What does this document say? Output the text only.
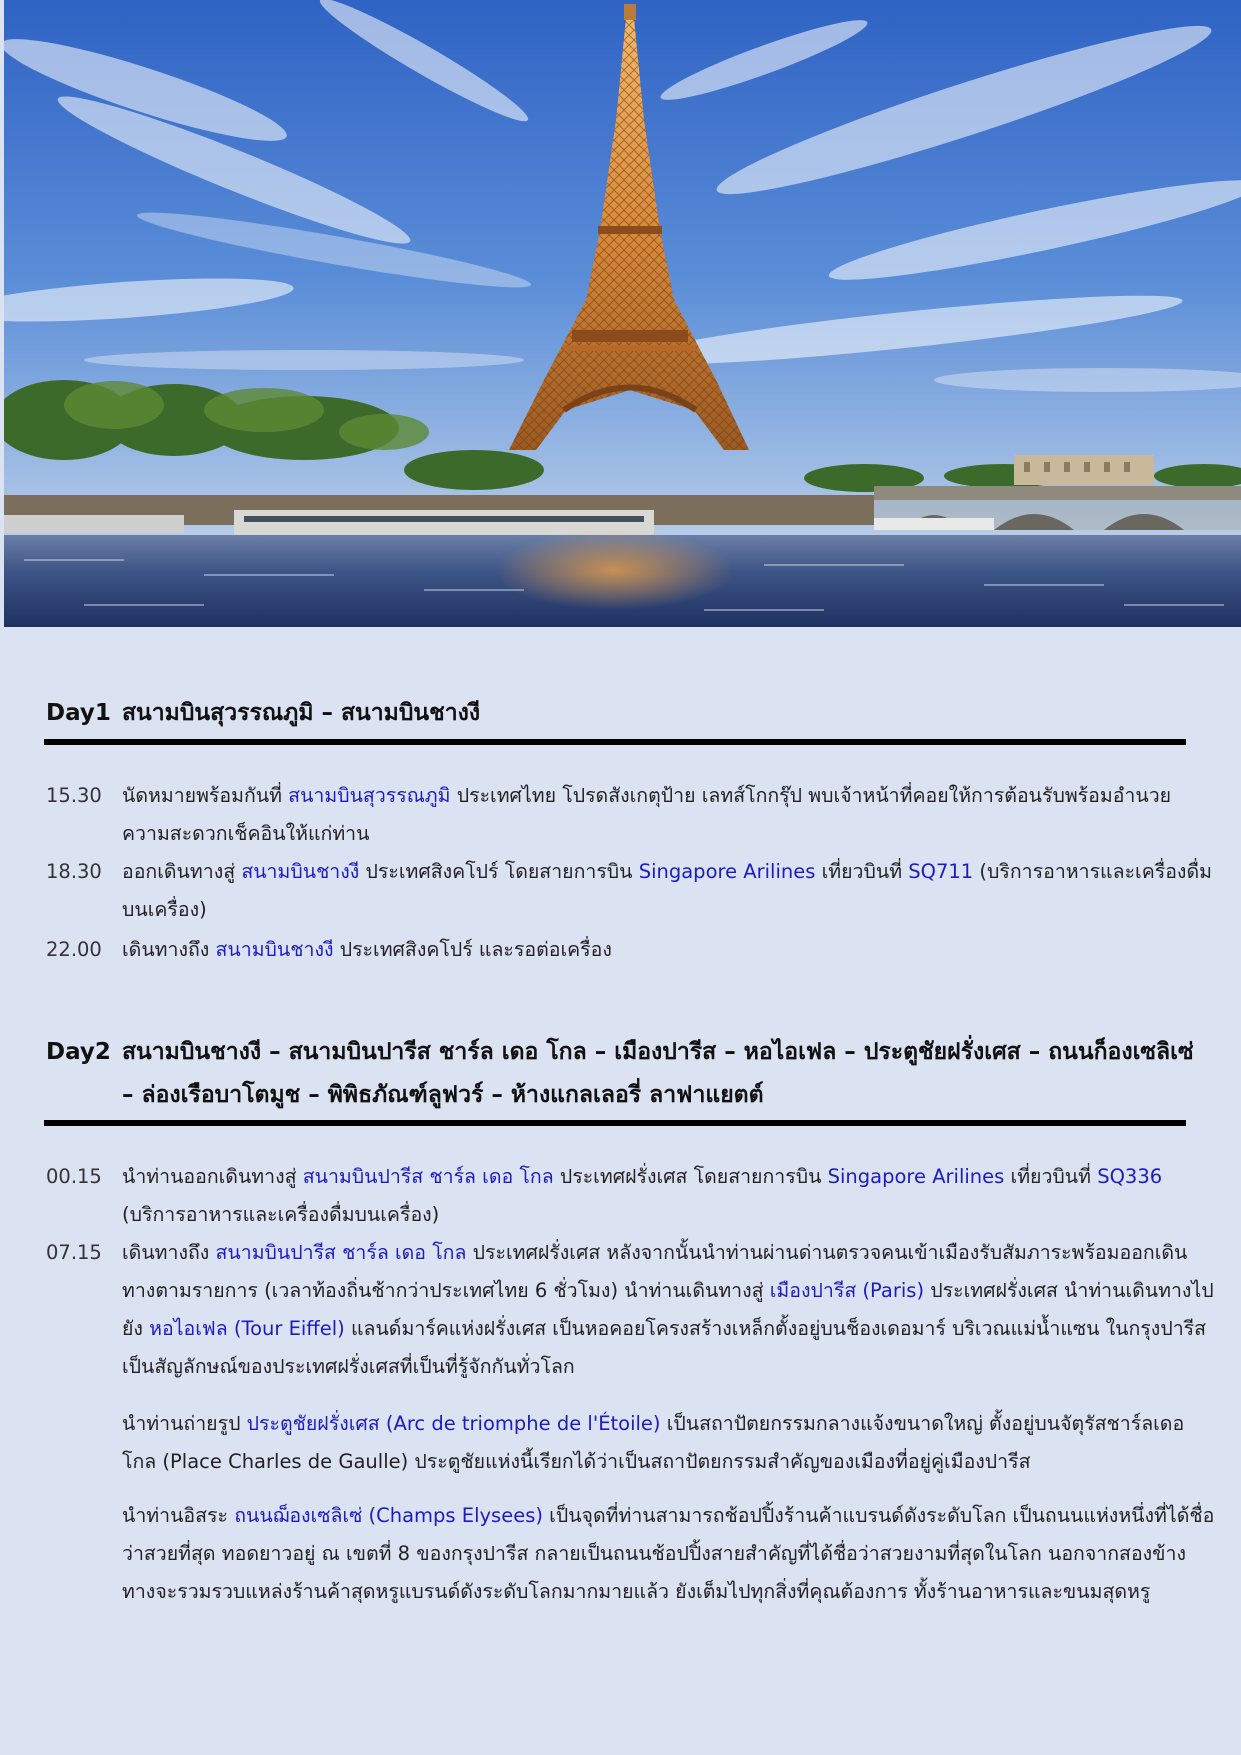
Day1 สนามบินสุวรรณภูมิ – สนามบินชางงี
15.30	นัดหมายพร้อมกันที่ สนามบินสุวรรณภูมิ ประเทศไทย โปรดสังเกตุป้าย เลทส์โกกรุ๊ป พบเจ้าหน้าที่คอยให้การต้อนรับพร้อมอำนวยความสะดวกเช็คอินให้แก่ท่าน
18.30	ออกเดินทางสู่ สนามบินชางงี ประเทศสิงคโปร์ โดยสายการบิน Singapore Arilines เที่ยวบินที่ SQ711 (บริการอาหารและเครื่องดื่มบนเครื่อง)
22.00	เดินทางถึง สนามบินชางงี ประเทศสิงคโปร์ และรอต่อเครื่อง
Day2 สนามบินชางงี – สนามบินปารีส ชาร์ล เดอ โกล – เมืองปารีส – หอไอเฟล – ประตูชัยฝรั่งเศส – ถนนก็องเซลิเซ่ – ล่องเรือบาโตมูช – พิพิธภัณฑ์ลูฟวร์ – ห้างแกลเลอรี่ ลาฟาแยตต์
00.15	นำท่านออกเดินทางสู่ สนามบินปารีส ชาร์ล เดอ โกล ประเทศฝรั่งเศส โดยสายการบิน Singapore Arilines เที่ยวบินที่ SQ336 (บริการอาหารและเครื่องดื่มบนเครื่อง)
07.15	เดินทางถึง สนามบินปารีส ชาร์ล เดอ โกล ประเทศฝรั่งเศส หลังจากนั้นนำท่านผ่านด่านตรวจคนเข้าเมืองรับสัมภาระพร้อมออกเดินทางตามรายการ (เวลาท้องถิ่นช้ากว่าประเทศไทย 6 ชั่วโมง) นำท่านเดินทางสู่ เมืองปารีส (Paris) ประเทศฝรั่งเศส นำท่านเดินทางไปยัง หอไอเฟล (Tour Eiffel) แลนด์มาร์คแห่งฝรั่งเศส เป็นหอคอยโครงสร้างเหล็กตั้งอยู่บนช็องเดอมาร์ บริเวณแม่น้ำแซน ในกรุงปารีส เป็นสัญลักษณ์ของประเทศฝรั่งเศสที่เป็นที่รู้จักกันทั่วโลก
นำท่านถ่ายรูป ประตูชัยฝรั่งเศส (Arc de triomphe de l'Étoile) เป็นสถาปัตยกรรมกลางแจ้งขนาดใหญ่ ตั้งอยู่บนจัตุรัสชาร์ลเดอโกล (Place Charles de Gaulle) ประตูชัยแห่งนี้เรียกได้ว่าเป็นสถาปัตยกรรมสำคัญของเมืองที่อยู่คู่เมืองปารีส
นำท่านอิสระ ถนนฌ็องเซลิเซ่ (Champs Elysees) เป็นจุดที่ท่านสามารถช้อปปิ้งร้านค้าแบรนด์ดังระดับโลก เป็นถนนแห่งหนึ่งที่ได้ชื่อว่าสวยที่สุด ทอดยาวอยู่ ณ เขตที่ 8 ของกรุงปารีส กลายเป็นถนนช้อปปิ้งสายสำคัญที่ได้ชื่อว่าสวยงามที่สุดในโลก นอกจากสองข้างทางจะรวมรวบแหล่งร้านค้าสุดหรูแบรนด์ดังระดับโลกมากมายแล้ว ยังเต็มไปทุกสิ่งที่คุณต้องการ ทั้งร้านอาหารและขนมสุดหรู
